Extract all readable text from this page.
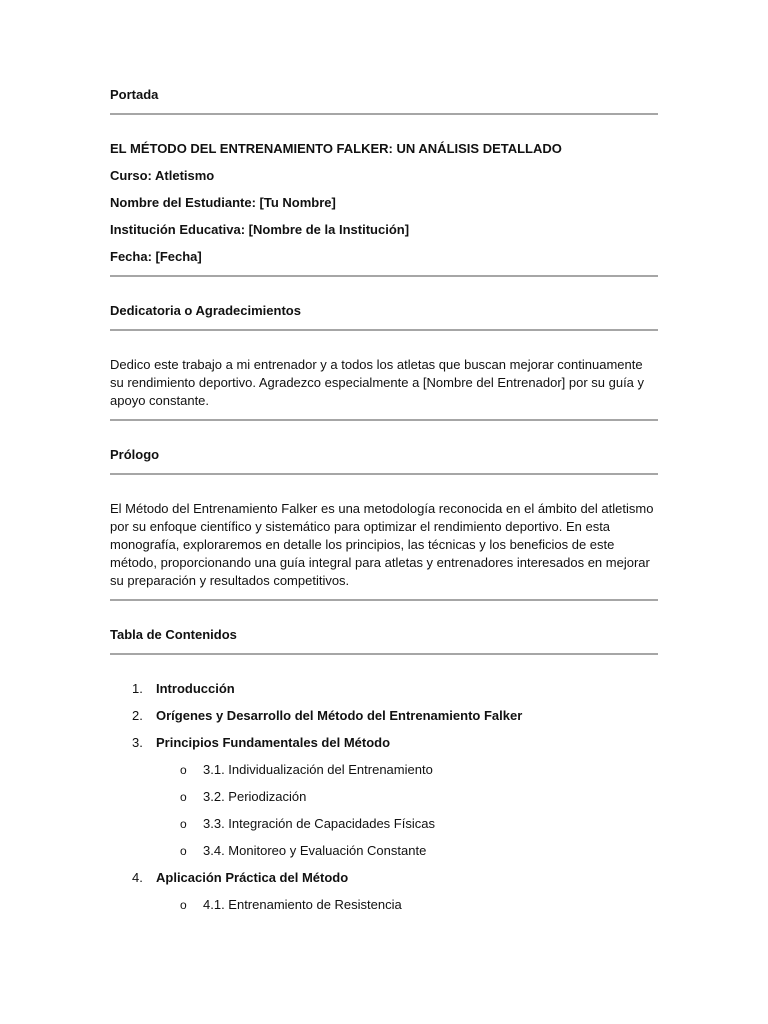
Portada

EL MÉTODO DEL ENTRENAMIENTO FALKER: UN ANÁLISIS DETALLADO

Curso: Atletismo

Nombre del Estudiante: [Tu Nombre]

Institución Educativa: [Nombre de la Institución]

Fecha: [Fecha]

Dedicatoria o Agradecimientos

Dedico este trabajo a mi entrenador y a todos los atletas que buscan mejorar continuamente su rendimiento deportivo. Agradezco especialmente a [Nombre del Entrenador] por su guía y apoyo constante.

Prólogo

El Método del Entrenamiento Falker es una metodología reconocida en el ámbito del atletismo por su enfoque científico y sistemático para optimizar el rendimiento deportivo. En esta monografía, exploraremos en detalle los principios, las técnicas y los beneficios de este método, proporcionando una guía integral para atletas y entrenadores interesados en mejorar su preparación y resultados competitivos.

Tabla de Contenidos

1.	Introducción
2.	Orígenes y Desarrollo del Método del Entrenamiento Falker
3.	Principios Fundamentales del Método
o	3.1. Individualización del Entrenamiento
o	3.2. Periodización
o	3.3. Integración de Capacidades Físicas
o	3.4. Monitoreo y Evaluación Constante
4.	Aplicación Práctica del Método
o	4.1. Entrenamiento de Resistencia
